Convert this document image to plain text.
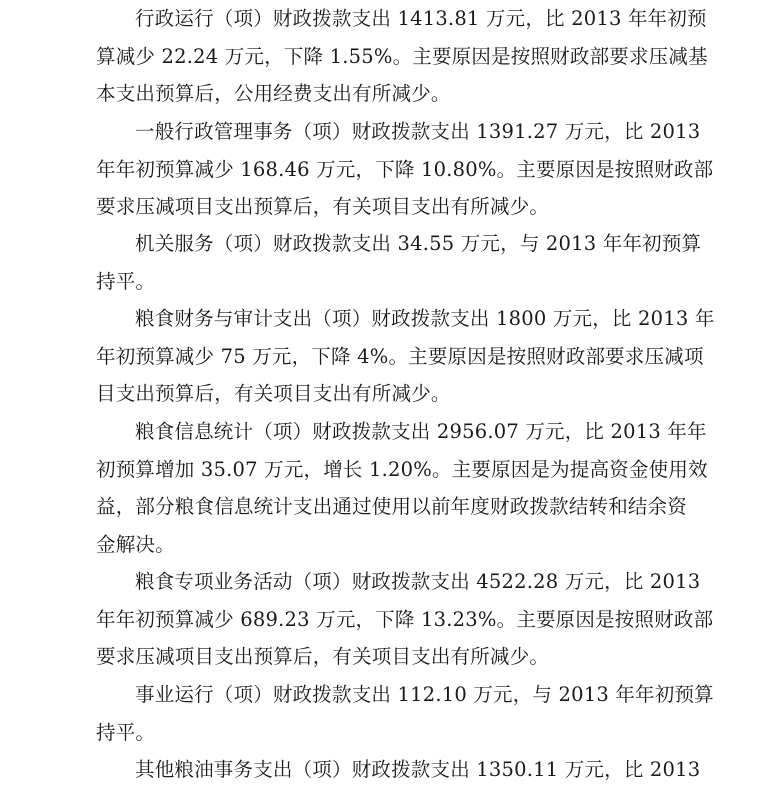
行政运行（项）财政拨款支出 1413.81 万元，比 2013 年年初预
算减少 22.24 万元，下降 1.55%。主要原因是按照财政部要求压减基
本支出预算后，公用经费支出有所减少。

一般行政管理事务（项）财政拨款支出 1391.27 万元，比 2013
年年初预算减少 168.46 万元，下降 10.80%。主要原因是按照财政部
要求压减项目支出预算后，有关项目支出有所减少。

机关服务（项）财政拨款支出 34.55 万元，与 2013 年年初预算
持平。

粮食财务与审计支出（项）财政拨款支出 1800 万元，比 2013 年
年初预算减少 75 万元，下降 4%。主要原因是按照财政部要求压减项
目支出预算后，有关项目支出有所减少。

粮食信息统计（项）财政拨款支出 2956.07 万元，比 2013 年年
初预算增加 35.07 万元，增长 1.20%。主要原因是为提高资金使用效
益，部分粮食信息统计支出通过使用以前年度财政拨款结转和结余资
金解决。

粮食专项业务活动（项）财政拨款支出 4522.28 万元，比 2013
年年初预算减少 689.23 万元，下降 13.23%。主要原因是按照财政部
要求压减项目支出预算后，有关项目支出有所减少。

事业运行（项）财政拨款支出 112.10 万元，与 2013 年年初预算
持平。

其他粮油事务支出（项）财政拨款支出 1350.11 万元，比 2013
